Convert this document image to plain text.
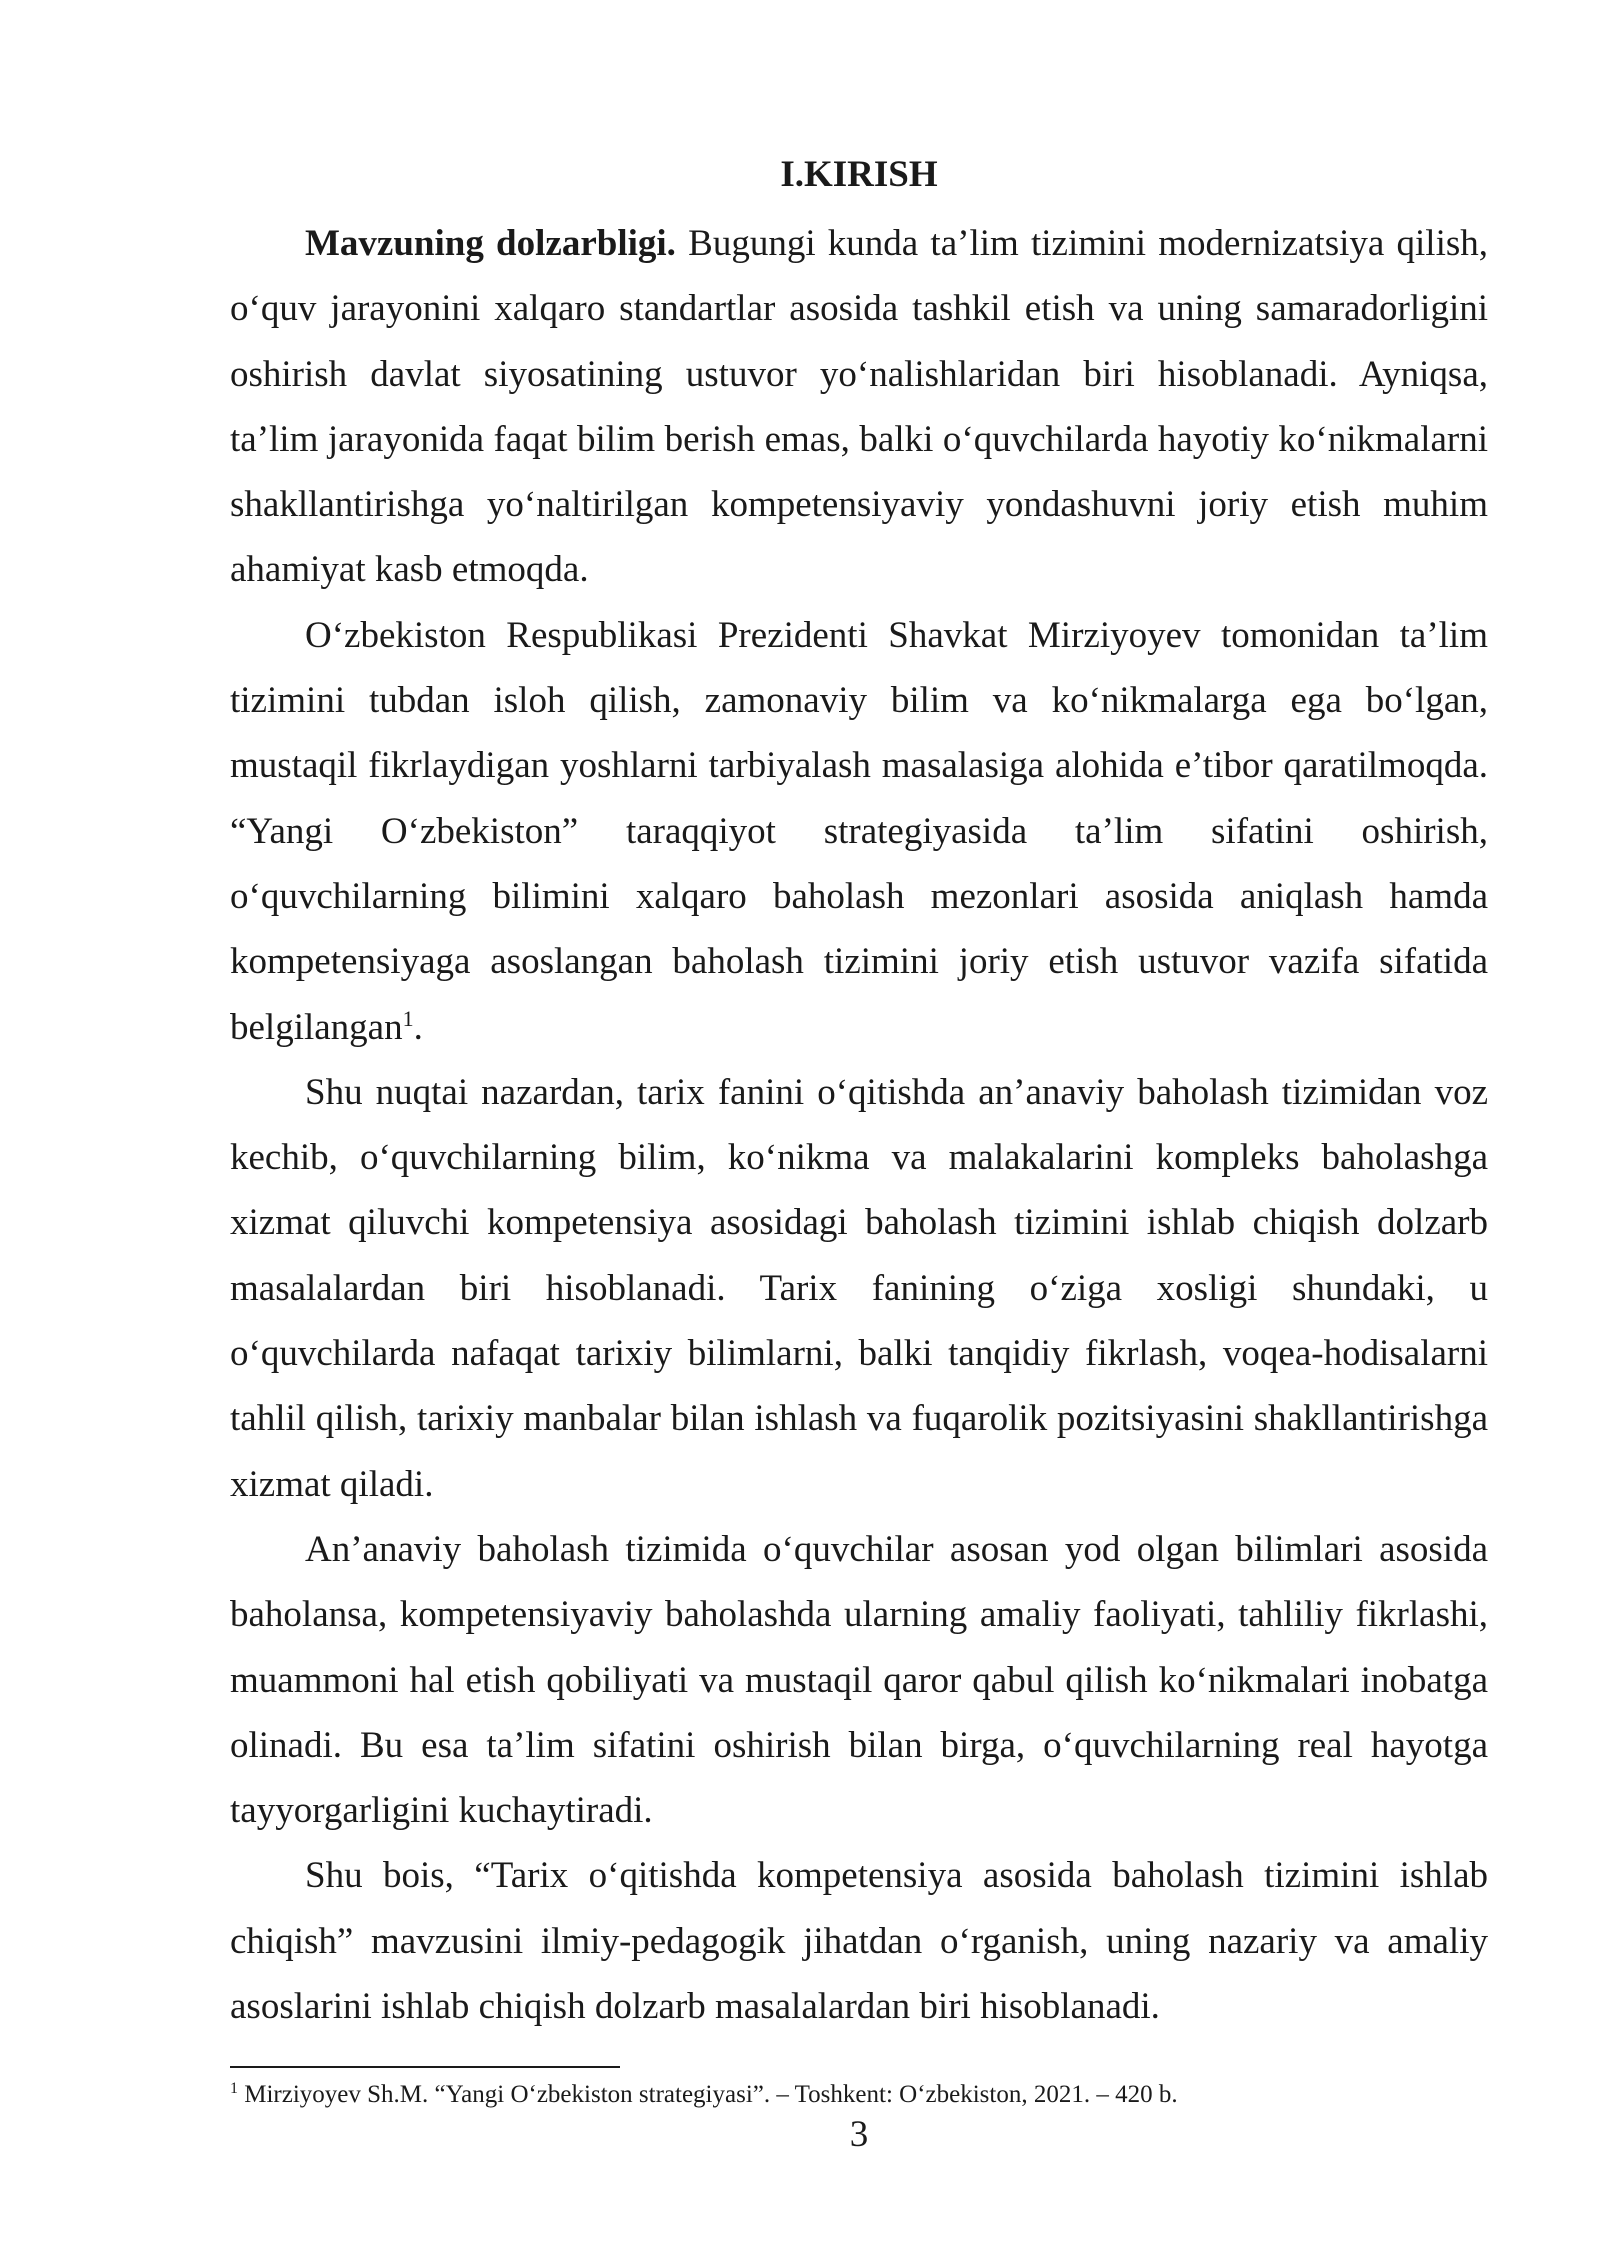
I.KIRISH

Mavzuning dolzarbligi. Bugungi kunda ta’lim tizimini modernizatsiya qilish, o‘quv jarayonini xalqaro standartlar asosida tashkil etish va uning samaradorligini oshirish davlat siyosatining ustuvor yo‘nalishlaridan biri hisoblanadi. Ayniqsa, ta’lim jarayonida faqat bilim berish emas, balki o‘quvchilarda hayotiy ko‘nikmalarni shakllantirishga yo‘naltirilgan kompetensiyaviy yondashuvni joriy etish muhim ahamiyat kasb etmoqda.

O‘zbekiston Respublikasi Prezidenti Shavkat Mirziyoyev tomonidan ta’lim tizimini tubdan isloh qilish, zamonaviy bilim va ko‘nikmalarga ega bo‘lgan, mustaqil fikrlaydigan yoshlarni tarbiyalash masalasiga alohida e’tibor qaratilmoqda. “Yangi O‘zbekiston” taraqqiyot strategiyasida ta’lim sifatini oshirish, o‘quvchilarning bilimini xalqaro baholash mezonlari asosida aniqlash hamda kompetensiyaga asoslangan baholash tizimini joriy etish ustuvor vazifa sifatida belgilangan$^1$.

Shu nuqtai nazardan, tarix fanini o‘qitishda an’anaviy baholash tizimidan voz kechib, o‘quvchilarning bilim, ko‘nikma va malakalarini kompleks baholashga xizmat qiluvchi kompetensiya asosidagi baholash tizimini ishlab chiqish dolzarb masalalardan biri hisoblanadi. Tarix fanining o‘ziga xosligi shundaki, u o‘quvchilarda nafaqat tarixiy bilimlarni, balki tanqidiy fikrlash, voqea-hodisalarni tahlil qilish, tarixiy manbalar bilan ishlash va fuqarolik pozitsiyasini shakllantirishga xizmat qiladi.

An’anaviy baholash tizimida o‘quvchilar asosan yod olgan bilimlari asosida baholansa, kompetensiyaviy baholashda ularning amaliy faoliyati, tahliliy fikrlashi, muammoni hal etish qobiliyati va mustaqil qaror qabul qilish ko‘nikmalari inobatga olinadi. Bu esa ta’lim sifatini oshirish bilan birga, o‘quvchilarning real hayotga tayyorgarligini kuchaytiradi.

Shu bois, “Tarix o‘qitishda kompetensiya asosida baholash tizimini ishlab chiqish” mavzusini ilmiy-pedagogik jihatdan o‘rganish, uning nazariy va amaliy asoslarini ishlab chiqish dolzarb masalalardan biri hisoblanadi.

$^1$ Mirziyoyev Sh.M. “Yangi O‘zbekiston strategiyasi”. – Toshkent: O‘zbekiston, 2021. – 420 b.
3
